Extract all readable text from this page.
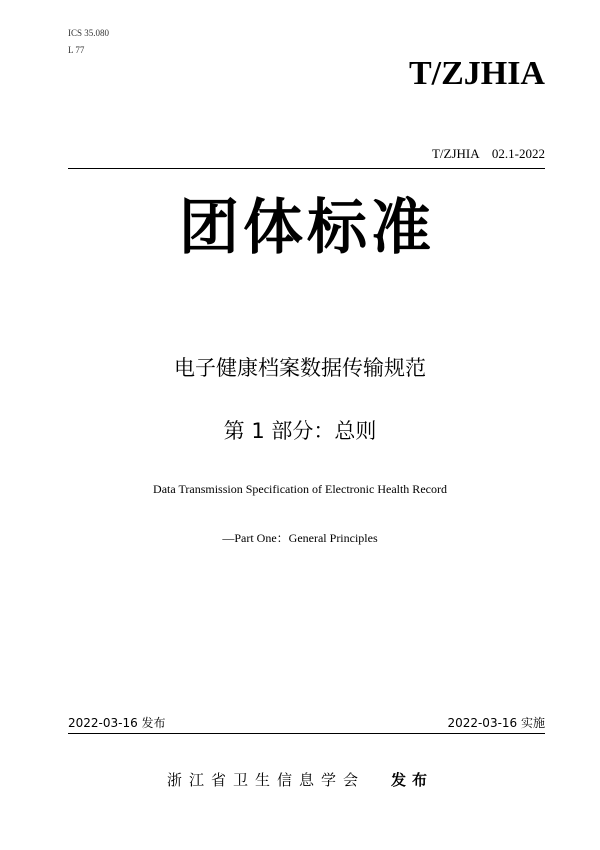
ICS 35.080
L 77
T/ZJHIA
T/ZJHIA　02.1-2022
团体标准
电子健康档案数据传输规范
第 1 部分：总则
Data Transmission Specification of Electronic Health Record
—Part One：General Principles
2022-03-16 发布	2022-03-16 实施
浙江省卫生信息学会 发布
